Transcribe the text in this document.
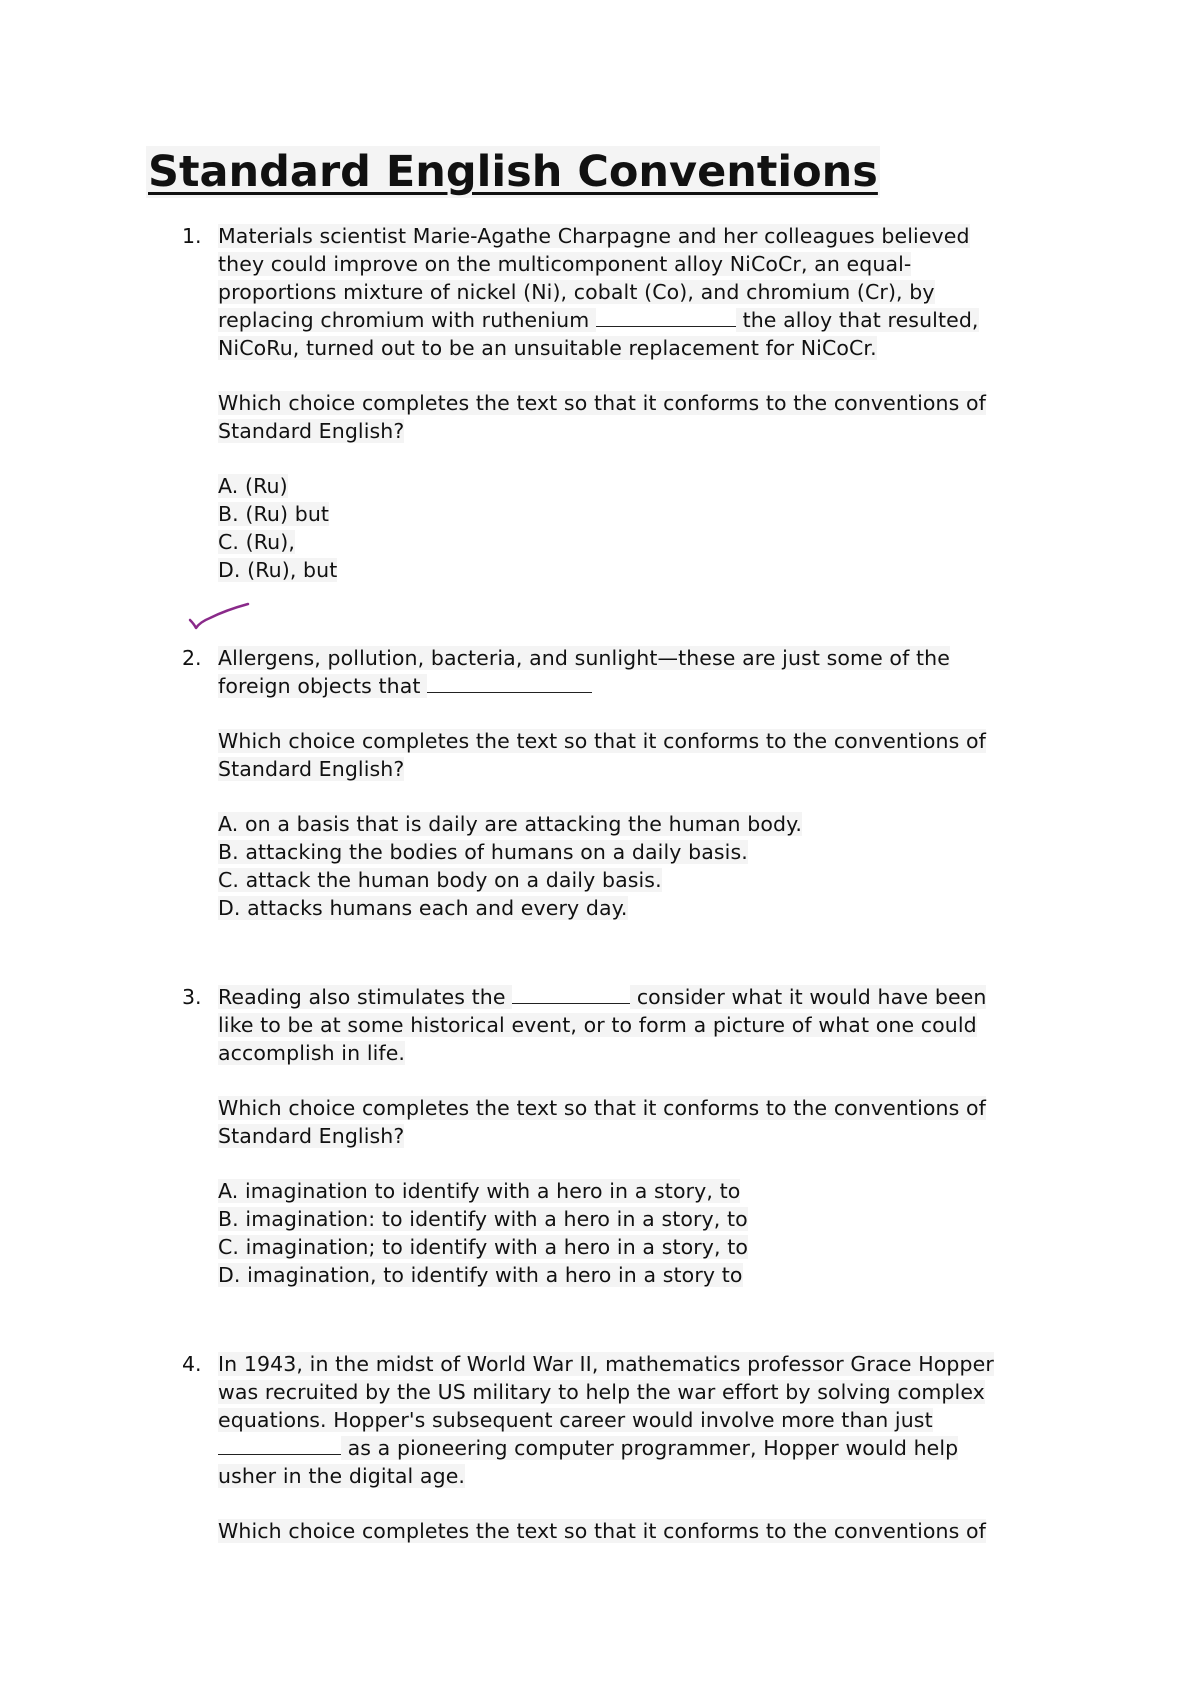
Standard English Conventions
1. Materials scientist Marie-Agathe Charpagne and her colleagues believed
they could improve on the multicomponent alloy NiCoCr, an equal-
proportions mixture of nickel (Ni), cobalt (Co), and chromium (Cr), by
replacing chromium with ruthenium	the alloy that resulted,
NiCoRu, turned out to be an unsuitable replacement for NiCoCr.
Which choice completes the text so that it conforms to the conventions of
Standard English?
A. (Ru)
B. (Ru) but
C. (Ru),
D. (Ru), but
2. Allergens, pollution, bacteria, and sunlight—these are just some of the
foreign objects that
Which choice completes the text so that it conforms to the conventions of
Standard English?
A. on a basis that is daily are attacking the human body.
B. attacking the bodies of humans on a daily basis.
C. attack the human body on a daily basis.
D. attacks humans each and every day.
3. Reading also stimulates the	consider what it would have been
like to be at some historical event, or to form a picture of what one could
accomplish in life.
Which choice completes the text so that it conforms to the conventions of
Standard English?
A. imagination to identify with a hero in a story, to
B. imagination: to identify with a hero in a story, to
C. imagination; to identify with a hero in a story, to
D. imagination, to identify with a hero in a story to
4. In 1943, in the midst of World War II, mathematics professor Grace Hopper
was recruited by the US military to help the war effort by solving complex
equations. Hopper's subsequent career would involve more than just
as a pioneering computer programmer, Hopper would help
usher in the digital age.
Which choice completes the text so that it conforms to the conventions of
